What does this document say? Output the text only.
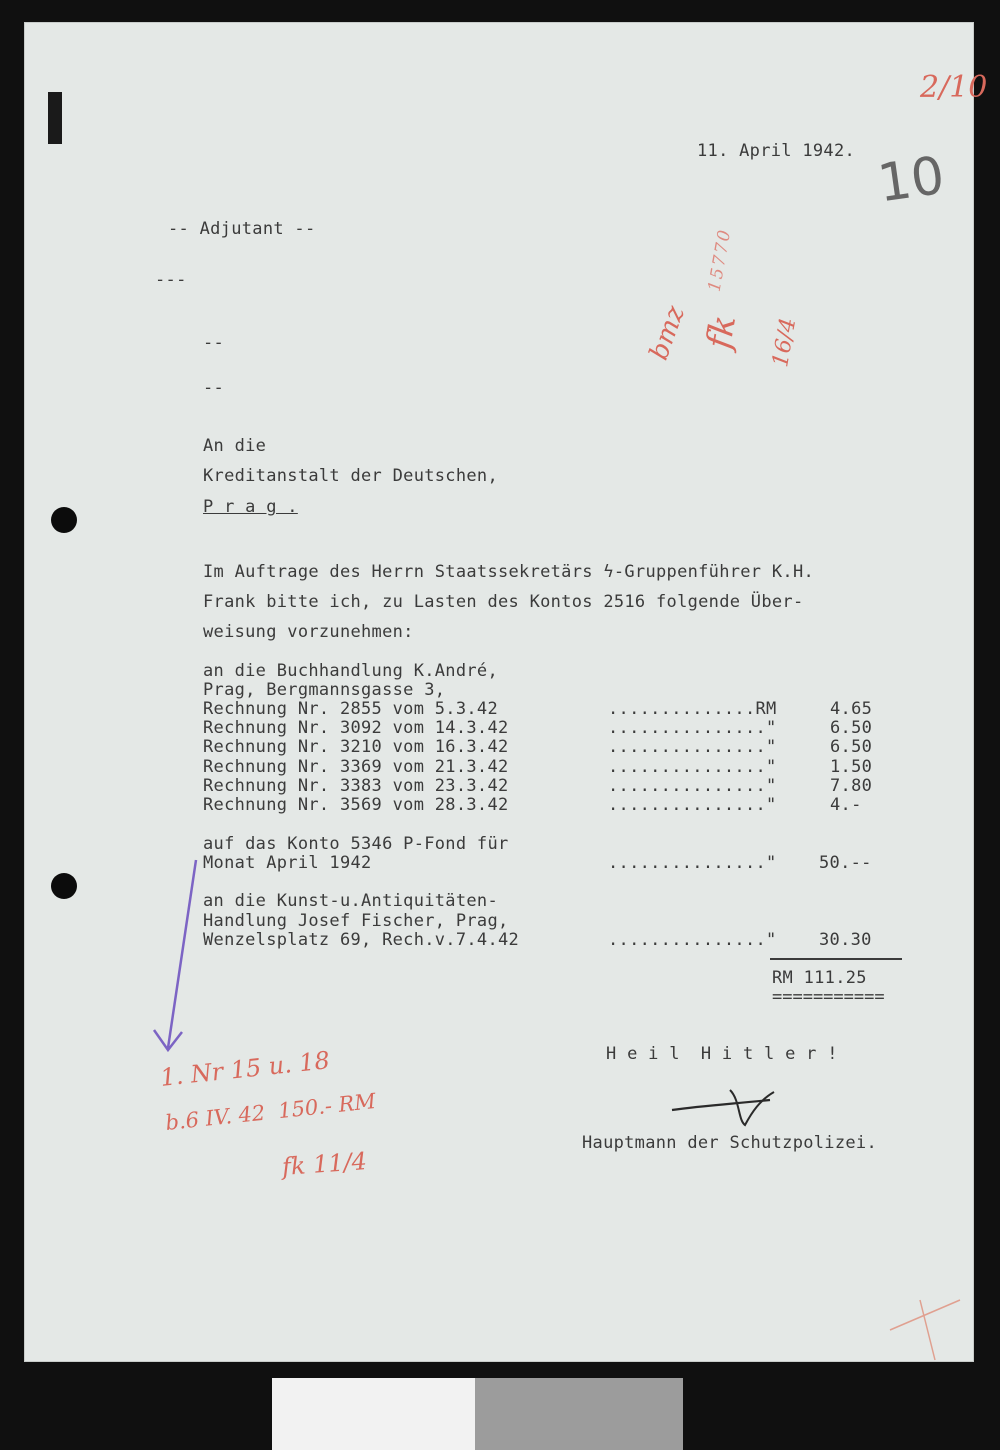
11. April 1942.
-- Adjutant --
---
--
--
An die
Kreditanstalt der Deutschen,
P r a g .
Im Auftrage des Herrn Staatssekretärs ϟ-Gruppenführer K.H.
Frank bitte ich, zu Lasten des Kontos 2516 folgende Über-
weisung vorzunehmen:
an die Buchhandlung K.André,
Prag, Bergmannsgasse 3,
Rechnung Nr. 2855 vom 5.3.42	..............RM	4.65
Rechnung Nr. 3092 vom 14.3.42	..............."	6.50
Rechnung Nr. 3210 vom 16.3.42	..............."	6.50
Rechnung Nr. 3369 vom 21.3.42	..............."	1.50
Rechnung Nr. 3383 vom 23.3.42	..............."	7.80
Rechnung Nr. 3569 vom 28.3.42	..............."	4.-
auf das Konto 5346 P-Fond für
Monat April 1942	..............." 50.--
an die Kunst-u.Antiquitäten-
Handlung Josef Fischer, Prag,
Wenzelsplatz 69, Rech.v.7.4.42	..............." 30.30
RM 111.25
===========
H e i l  H i t l e r !
Hauptmann der Schutzpolizei.
bmz fk 16/4
15770
1. Nr 15 u. 18
b.6 IV. 42  150.- RM
fk 11/4
10
2/10
